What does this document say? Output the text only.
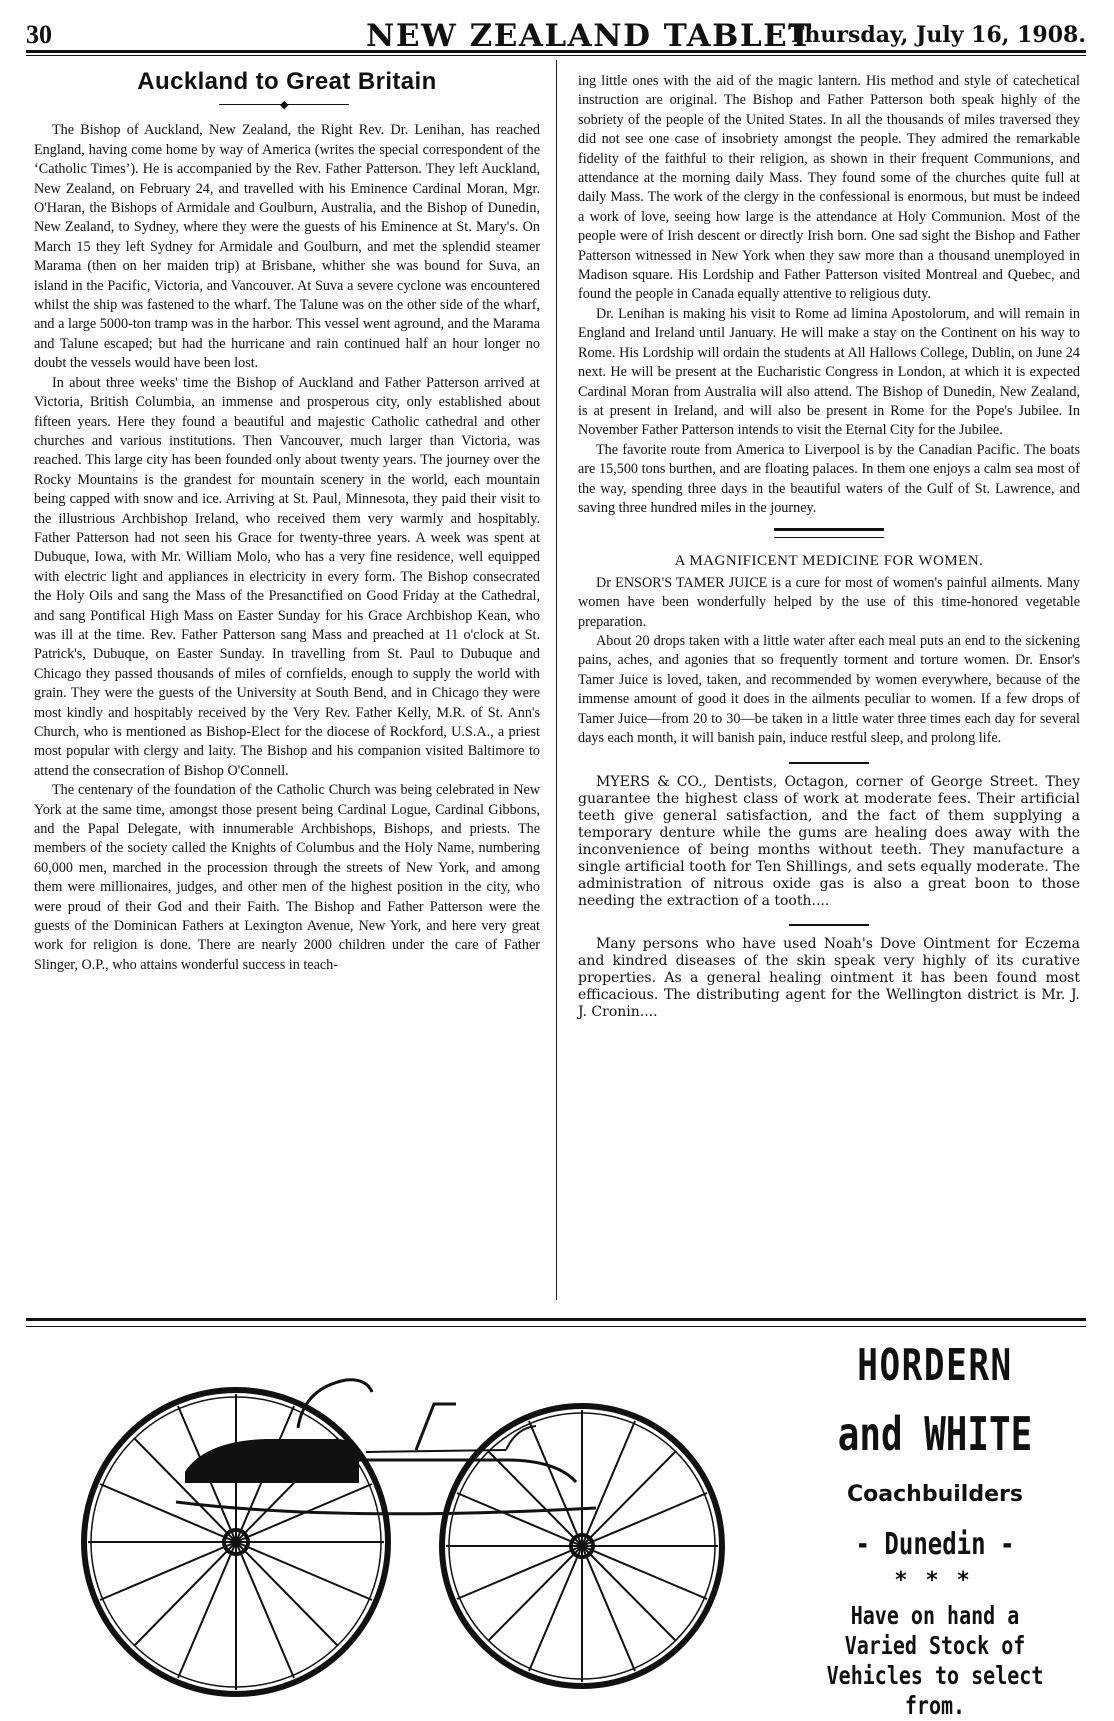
30	NEW ZEALAND TABLET
Thursday, July 16, 1908.
Auckland to Great Britain
◆

The Bishop of Auckland, New Zealand, the Right Rev. Dr. Lenihan, has reached England, having come home by way of America (writes the special correspondent of the ‘Catholic Times’). He is accompanied by the Rev. Father Patterson. They left Auckland, New Zealand, on February 24, and travelled with his Eminence Cardinal Moran, Mgr. O'Haran, the Bishops of Armidale and Goulburn, Australia, and the Bishop of Dunedin, New Zealand, to Sydney, where they were the guests of his Eminence at St. Mary's. On March 15 they left Sydney for Armidale and Goulburn, and met the splendid steamer Marama (then on her maiden trip) at Brisbane, whither she was bound for Suva, an island in the Pacific, Victoria, and Vancouver. At Suva a severe cyclone was encountered whilst the ship was fastened to the wharf. The Talune was on the other side of the wharf, and a large 5000-ton tramp was in the harbor. This vessel went aground, and the Marama and Talune escaped; but had the hurricane and rain continued half an hour longer no doubt the vessels would have been lost.

In about three weeks' time the Bishop of Auckland and Father Patterson arrived at Victoria, British Columbia, an immense and prosperous city, only established about fifteen years. Here they found a beautiful and majestic Catholic cathedral and other churches and various institutions. Then Vancouver, much larger than Victoria, was reached. This large city has been founded only about twenty years. The journey over the Rocky Mountains is the grandest for mountain scenery in the world, each mountain being capped with snow and ice. Arriving at St. Paul, Minnesota, they paid their visit to the illustrious Archbishop Ireland, who received them very warmly and hospitably. Father Patterson had not seen his Grace for twenty-three years. A week was spent at Dubuque, Iowa, with Mr. William Molo, who has a very fine residence, well equipped with electric light and appliances in electricity in every form. The Bishop consecrated the Holy Oils and sang the Mass of the Presanctified on Good Friday at the Cathedral, and sang Pontifical High Mass on Easter Sunday for his Grace Archbishop Kean, who was ill at the time. Rev. Father Patterson sang Mass and preached at 11 o'clock at St. Patrick's, Dubuque, on Easter Sunday. In travelling from St. Paul to Dubuque and Chicago they passed thousands of miles of cornfields, enough to supply the world with grain. They were the guests of the University at South Bend, and in Chicago they were most kindly and hospitably received by the Very Rev. Father Kelly, M.R. of St. Ann's Church, who is mentioned as Bishop-Elect for the diocese of Rockford, U.S.A., a priest most popular with clergy and laity. The Bishop and his companion visited Baltimore to attend the consecration of Bishop O'Connell.

The centenary of the foundation of the Catholic Church was being celebrated in New York at the same time, amongst those present being Cardinal Logue, Cardinal Gibbons, and the Papal Delegate, with innumerable Archbishops, Bishops, and priests. The members of the society called the Knights of Columbus and the Holy Name, numbering 60,000 men, marched in the procession through the streets of New York, and among them were millionaires, judges, and other men of the highest position in the city, who were proud of their God and their Faith. The Bishop and Father Patterson were the guests of the Dominican Fathers at Lexington Avenue, New York, and here very great work for religion is done. There are nearly 2000 children under the care of Father Slinger, O.P., who attains wonderful success in teach-

ing little ones with the aid of the magic lantern. His method and style of catechetical instruction are original. The Bishop and Father Patterson both speak highly of the sobriety of the people of the United States. In all the thousands of miles traversed they did not see one case of insobriety amongst the people. They admired the remarkable fidelity of the faithful to their religion, as shown in their frequent Communions, and attendance at the morning daily Mass. They found some of the churches quite full at daily Mass. The work of the clergy in the confessional is enormous, but must be indeed a work of love, seeing how large is the attendance at Holy Communion. Most of the people were of Irish descent or directly Irish born. One sad sight the Bishop and Father Patterson witnessed in New York when they saw more than a thousand unemployed in Madison square. His Lordship and Father Patterson visited Montreal and Quebec, and found the people in Canada equally attentive to religious duty.

Dr. Lenihan is making his visit to Rome ad limina Apostolorum, and will remain in England and Ireland until January. He will make a stay on the Continent on his way to Rome. His Lordship will ordain the students at All Hallows College, Dublin, on June 24 next. He will be present at the Eucharistic Congress in London, at which it is expected Cardinal Moran from Australia will also attend. The Bishop of Dunedin, New Zealand, is at present in Ireland, and will also be present in Rome for the Pope's Jubilee. In November Father Patterson intends to visit the Eternal City for the Jubilee.

The favorite route from America to Liverpool is by the Canadian Pacific. The boats are 15,500 tons burthen, and are floating palaces. In them one enjoys a calm sea most of the way, spending three days in the beautiful waters of the Gulf of St. Lawrence, and saving three hundred miles in the journey.

A MAGNIFICENT MEDICINE FOR WOMEN.

Dr ENSOR'S TAMER JUICE is a cure for most of women's painful ailments. Many women have been wonderfully helped by the use of this time-honored vegetable preparation.

About 20 drops taken with a little water after each meal puts an end to the sickening pains, aches, and agonies that so frequently torment and torture women. Dr. Ensor's Tamer Juice is loved, taken, and recommended by women everywhere, because of the immense amount of good it does in the ailments peculiar to women. If a few drops of Tamer Juice—from 20 to 30—be taken in a little water three times each day for several days each month, it will banish pain, induce restful sleep, and prolong life.

MYERS & CO., Dentists, Octagon, corner of George Street. They guarantee the highest class of work at moderate fees. Their artificial teeth give general satisfaction, and the fact of them supplying a temporary denture while the gums are healing does away with the inconvenience of being months without teeth. They manufacture a single artificial tooth for Ten Shillings, and sets equally moderate. The administration of nitrous oxide gas is also a great boon to those needing the extraction of a tooth....

Many persons who have used Noah's Dove Ointment for Eczema and kindred diseases of the skin speak very highly of its curative properties. As a general healing ointment it has been found most efficacious. The distributing agent for the Wellington district is Mr. J. J. Cronin....

HORDERN
and WHITE
Coachbuilders
- Dunedin -
* * *
Have on hand a Varied Stock of Vehicles to select from.
